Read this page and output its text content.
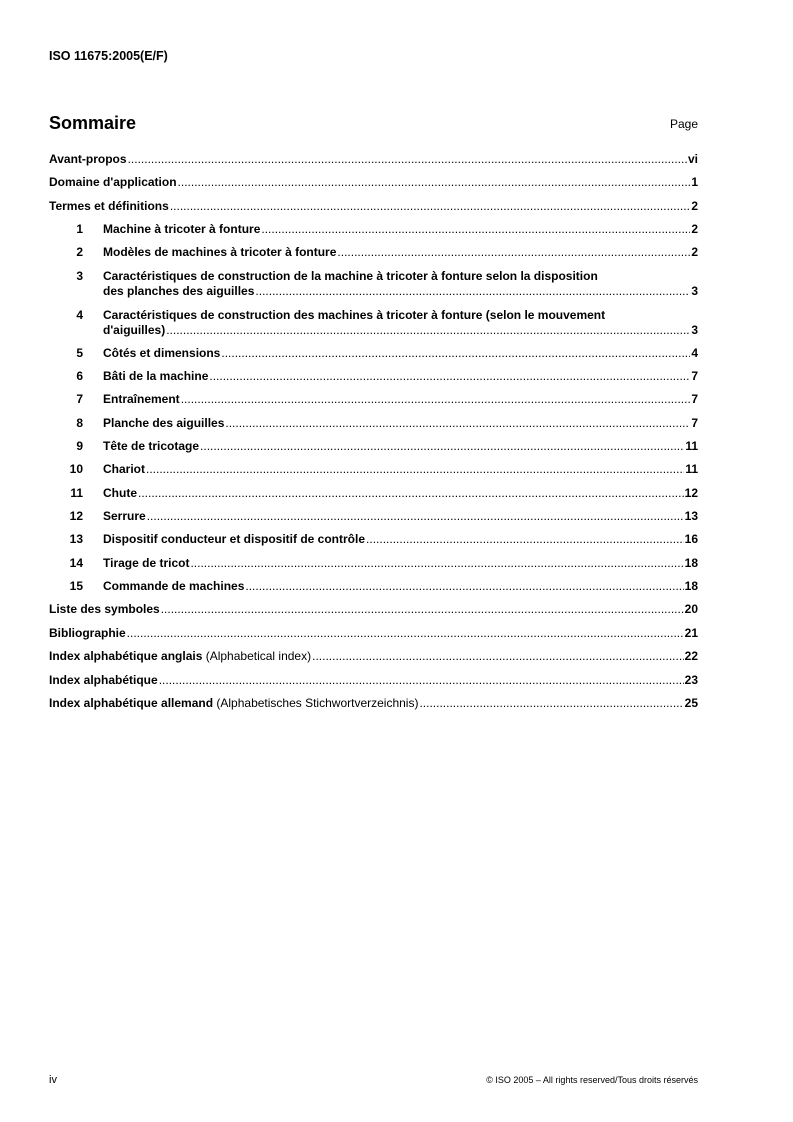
ISO 11675:2005(E/F)
Sommaire	Page
Avant-propos .....	vi
Domaine d'application .....	1
Termes et définitions .....	2
1 Machine à tricoter à fonture .....	2
2 Modèles de machines à tricoter à fonture .....	2
3 Caractéristiques de construction de la machine à tricoter à fonture selon la disposition
des planches des aiguilles .....	3
4 Caractéristiques de construction des machines à tricoter à fonture (selon le mouvement
d'aiguilles) .....	3
5 Côtés et dimensions .....	4
6 Bâti de la machine .....	7
7 Entraînement .....	7
8 Planche des aiguilles .....	7
9 Tête de tricotage .....	11
10 Chariot .....	11
11 Chute .....	12
12 Serrure .....	13
13 Dispositif conducteur et dispositif de contrôle .....	16
14 Tirage de tricot .....	18
15 Commande de machines .....	18
Liste des symboles .....	20
Bibliographie .....	21
Index alphabétique anglais (Alphabetical index) .....	22
Index alphabétique .....	23
Index alphabétique allemand (Alphabetisches Stichwortverzeichnis) .....	25
iv	© ISO 2005 – All rights reserved/Tous droits réservés
